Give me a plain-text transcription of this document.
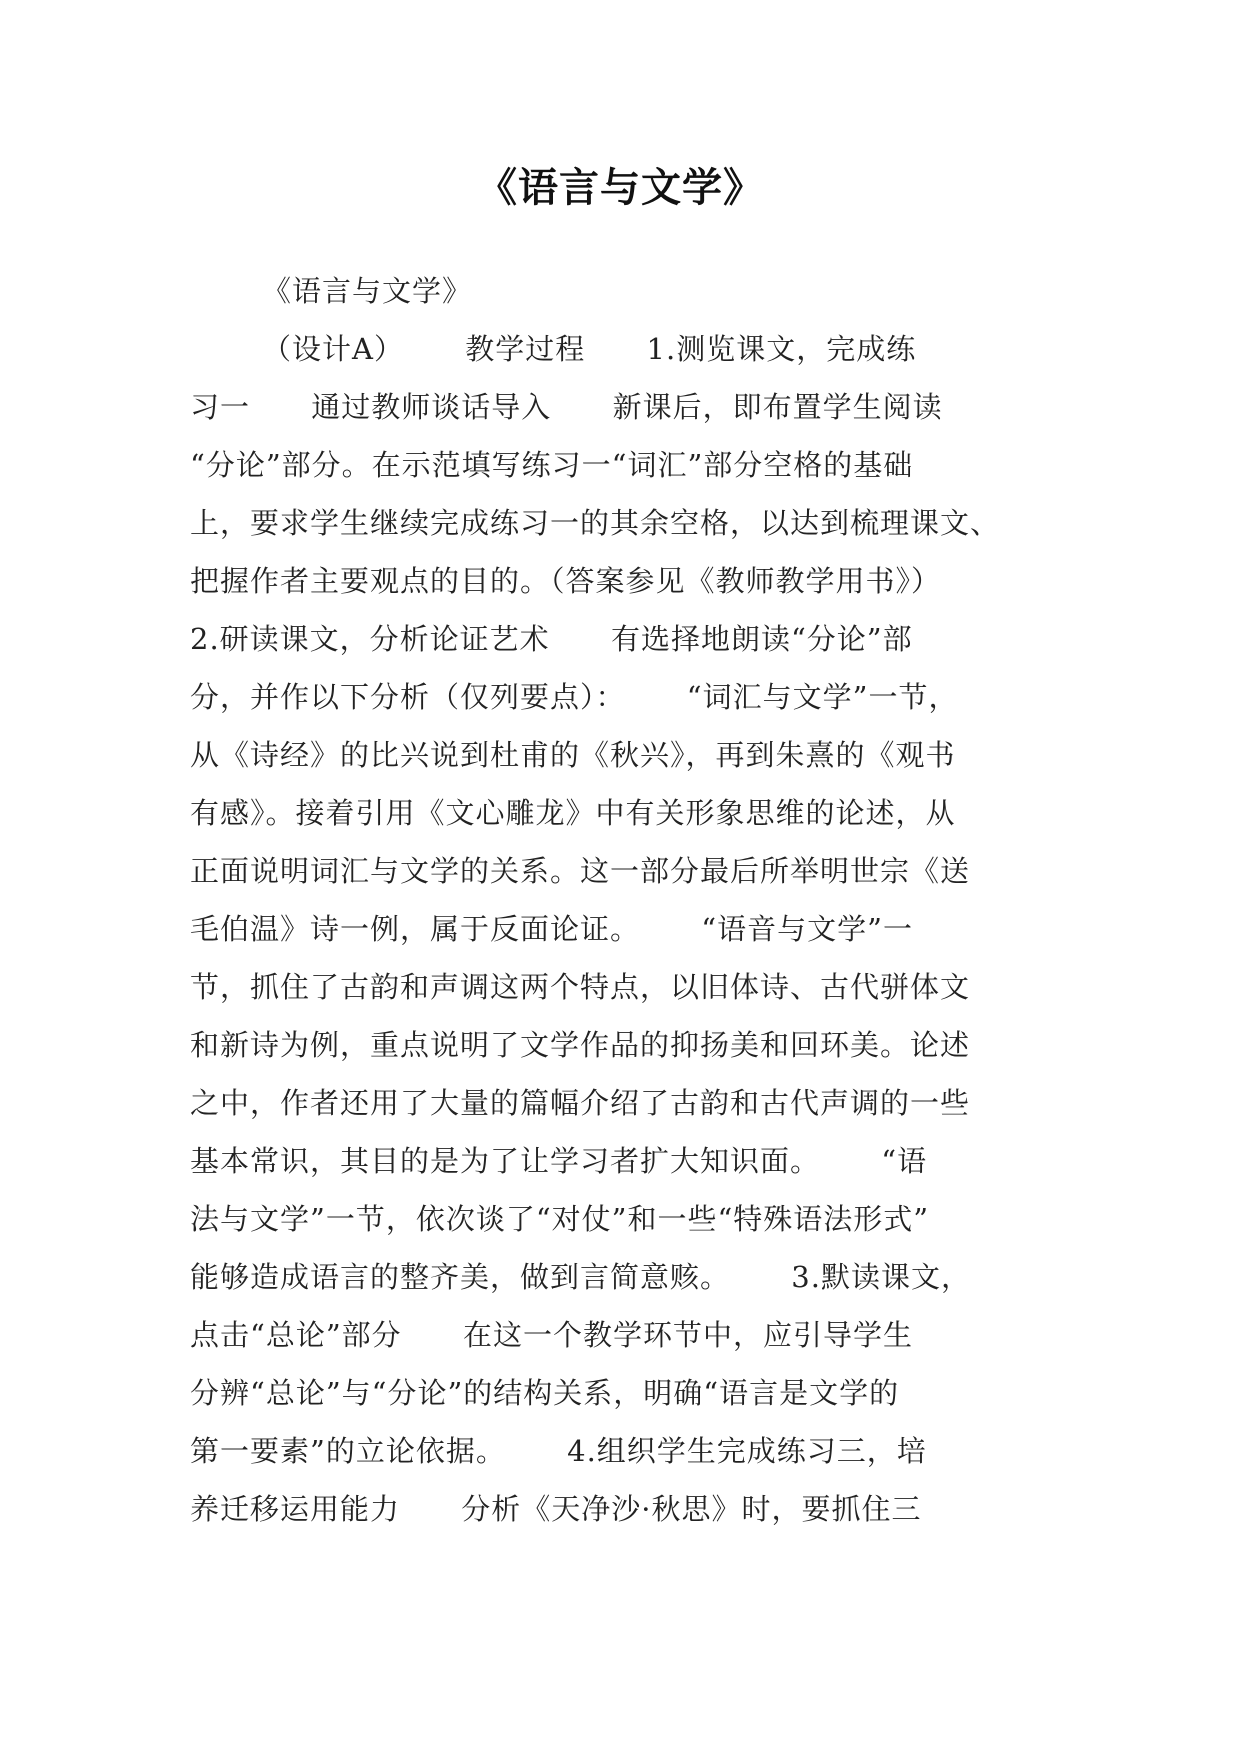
《语言与文学》
《语言与文学》
（设计A）      教学过程      1.测览课文，完成练
习一      通过教师谈话导入      新课后，即布置学生阅读
“分论”部分。在示范填写练习一“词汇”部分空格的基础
上，要求学生继续完成练习一的其余空格，以达到梳理课文、
把握作者主要观点的目的。（答案参见《教师教学用书》）
2.研读课文，分析论证艺术      有选择地朗读“分论”部
分，并作以下分析（仅列要点）：      “词汇与文学”一节，
从《诗经》的比兴说到杜甫的《秋兴》，再到朱熹的《观书
有感》。接着引用《文心雕龙》中有关形象思维的论述，从
正面说明词汇与文学的关系。这一部分最后所举明世宗《送
毛伯温》诗一例，属于反面论证。      “语音与文学”一
节，抓住了古韵和声调这两个特点，以旧体诗、古代骈体文
和新诗为例，重点说明了文学作品的抑扬美和回环美。论述
之中，作者还用了大量的篇幅介绍了古韵和古代声调的一些
基本常识，其目的是为了让学习者扩大知识面。      “语
法与文学”一节，依次谈了“对仗”和一些“特殊语法形式”
能够造成语言的整齐美，做到言简意赅。      3.默读课文，
点击“总论”部分      在这一个教学环节中，应引导学生
分辨“总论”与“分论”的结构关系，明确“语言是文学的
第一要素”的立论依据。      4.组织学生完成练习三，培
养迁移运用能力      分析《天净沙·秋思》时，要抓住三
